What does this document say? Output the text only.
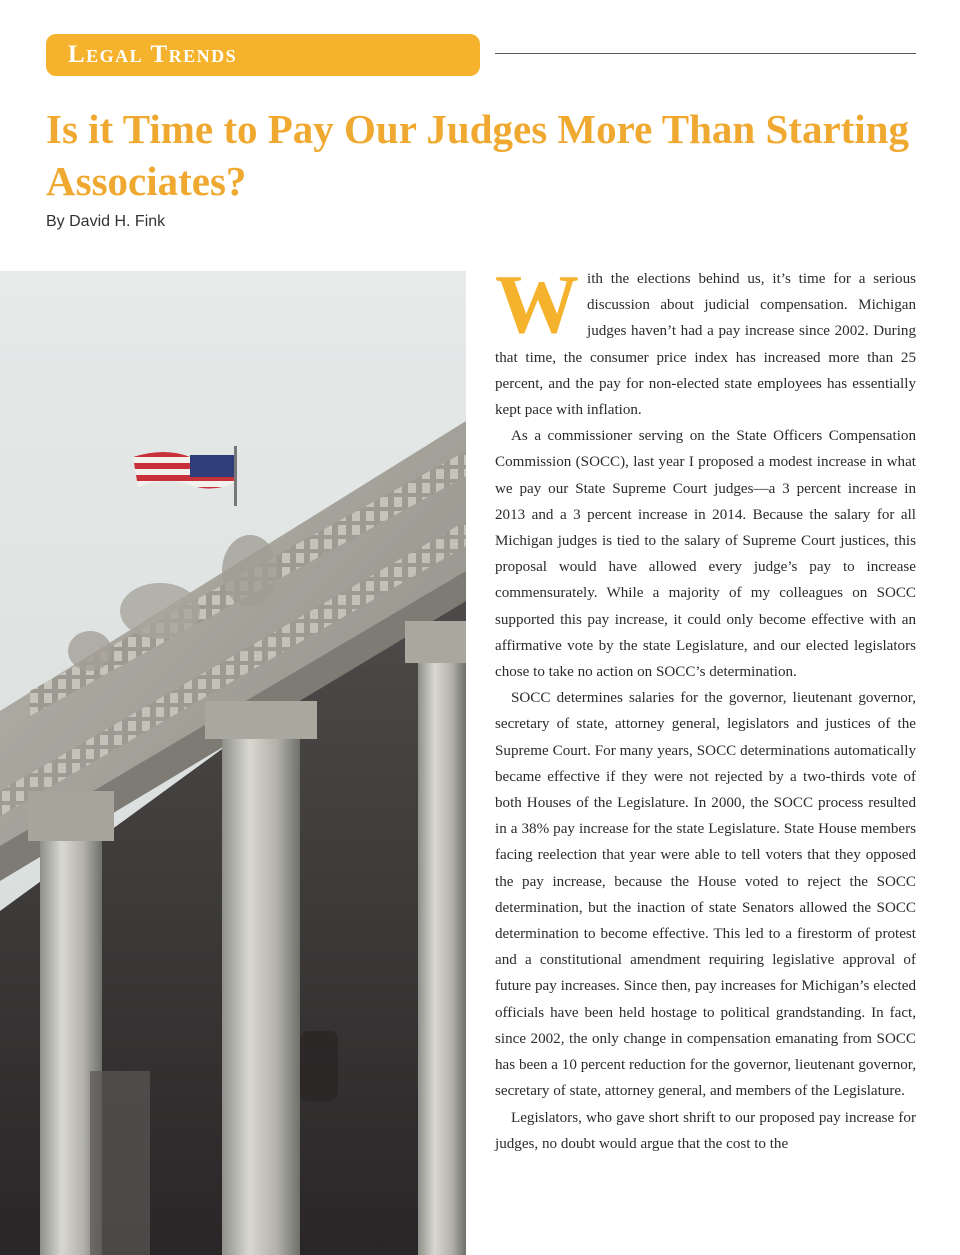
Legal Trends
Is it Time to Pay Our Judges More Than Starting Associates?
By David H. Fink

With the elections behind us, it’s time for a serious discussion about judicial compensation. Michigan judges haven’t had a pay increase since 2002. During that time, the consumer price index has increased more than 25 percent, and the pay for non-elected state employees has essentially kept pace with inflation.

As a commissioner serving on the State Officers Compensation Commission (SOCC), last year I proposed a modest increase in what we pay our State Supreme Court judges—a 3 percent increase in 2013 and a 3 percent increase in 2014. Because the salary for all Michigan judges is tied to the salary of Supreme Court justices, this proposal would have allowed every judge’s pay to increase commensurately. While a majority of my colleagues on SOCC supported this pay increase, it could only become effective with an affirmative vote by the state Legislature, and our elected legislators chose to take no action on SOCC’s determination.

SOCC determines salaries for the governor, lieutenant governor, secretary of state, attorney general, legislators and justices of the Supreme Court. For many years, SOCC determinations automatically became effective if they were not rejected by a two-thirds vote of both Houses of the Legislature. In 2000, the SOCC process resulted in a 38% pay increase for the state Legislature. State House members facing reelection that year were able to tell voters that they opposed the pay increase, because the House voted to reject the SOCC determination, but the inaction of state Senators allowed the SOCC determination to become effective. This led to a firestorm of protest and a constitutional amendment requiring legislative approval of future pay increases. Since then, pay increases for Michigan’s elected officials have been held hostage to political grandstanding. In fact, since 2002, the only change in compensation emanating from SOCC has been a 10 percent reduction for the governor, lieutenant governor, secretary of state, attorney general, and members of the Legislature.

Legislators, who gave short shrift to our proposed pay increase for judges, no doubt would argue that the cost to the
